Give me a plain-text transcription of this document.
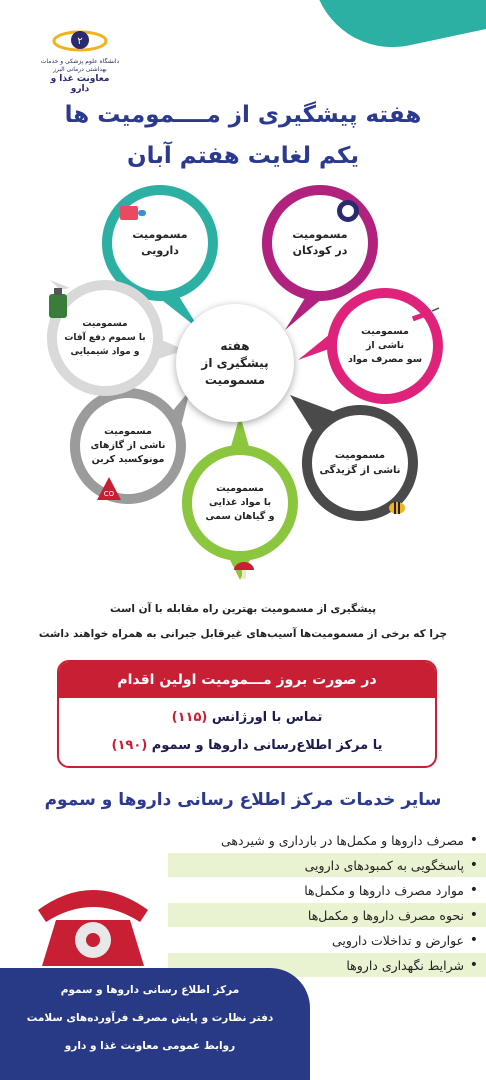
۲
دانشگاه علوم پزشکی و خدمات بهداشتی درمانی البرز
معاونت غذا و دارو
هفته پیشگیری از مــــمومیت ها
یکم لغایت هفتم آبان
مسمومیت
دارویی
مسمومیت
در کودکان
مسمومیت
ناشی از
سو مصرف مواد
مسمومیت
ناشی از گزیدگی
مسمومیت
با مواد غذایی
و گیاهان سمی
مسمومیت
ناشی از گازهای
مونوکسید کربن
مسمومیت
با سموم دفع آفات
و مواد شیمیایی	هفته
پیشگیری از
مسمومیت
CO
پیشگیری از مسمومیت بهترین راه مقابله با آن است
چرا که برخی از مسمومیت‌ها آسیب‌های غیرقابل جبرانی به همراه خواهند داشت
در صورت بروز مـــمومیت اولین اقدام
تماس با اورژانس (۱۱۵)
یا مرکز اطلاع‌رسانی داروها و سموم (۱۹۰)
سایر خدمات مرکز اطلاع رسانی داروها و سموم
• مصرف داروها و مکمل‌ها در بارداری و شیردهی
• پاسخگویی به کمبودهای دارویی
• موارد مصرف داروها و مکمل‌ها
• نحوه مصرف داروها و مکمل‌ها
• عوارض و تداخلات دارویی
• شرایط نگهداری داروها
مرکز اطلاع رسانی داروها و سموم
دفتر نظارت و پایش مصرف فرآورده‌های سلامت
روابط عمومی معاونت غذا و دارو
